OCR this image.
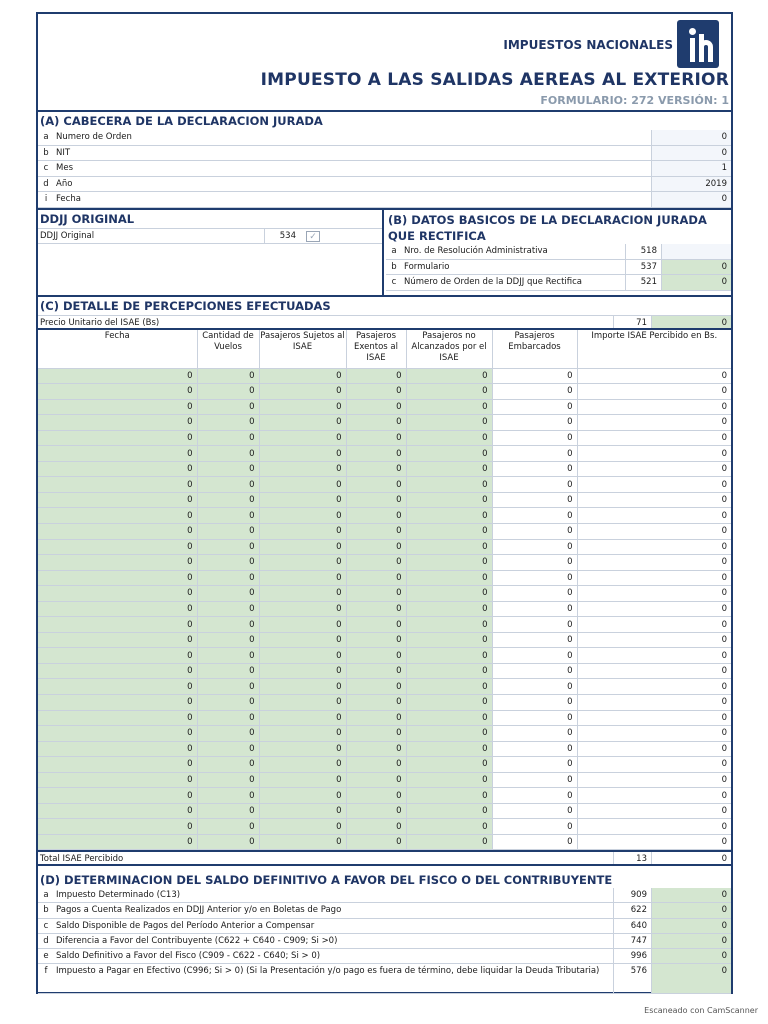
IMPUESTOS NACIONALES
IMPUESTO A LAS SALIDAS AEREAS AL EXTERIOR
FORMULARIO: 272 VERSIÓN: 1
(A) CABECERA DE LA DECLARACION JURADA
a Numero de Orden	0
b NIT	0
c Mes	1
d Año	2019
i	Fecha	0
DDJJ ORIGINAL
DDJJ Original	534	✓
(B) DATOS BASICOS DE LA DECLARACION JURADA QUE RECTIFICA
a Nro. de Resolución Administrativa	518
b Formulario	537	0
c Número de Orden de la DDJJ que Rectifica	521	0
(C) DETALLE DE PERCEPCIONES EFECTUADAS
Precio Unitario del ISAE (Bs)	71	0
Fecha	Cantidad de Vuelos	Pasajeros Sujetos al ISAE	Pasajeros Exentos al ISAE	Pasajeros no Alcanzados por el ISAE	Pasajeros Embarcados	Importe ISAE Percibido en Bs.
0	0	0	0	0	0	0
0	0	0	0	0	0	0
0	0	0	0	0	0	0
0	0	0	0	0	0	0
0	0	0	0	0	0	0
0	0	0	0	0	0	0
0	0	0	0	0	0	0
0	0	0	0	0	0	0
0	0	0	0	0	0	0
0	0	0	0	0	0	0
0	0	0	0	0	0	0
0	0	0	0	0	0	0
0	0	0	0	0	0	0
0	0	0	0	0	0	0
0	0	0	0	0	0	0
0	0	0	0	0	0	0
0	0	0	0	0	0	0
0	0	0	0	0	0	0
0	0	0	0	0	0	0
0	0	0	0	0	0	0
0	0	0	0	0	0	0
0	0	0	0	0	0	0
0	0	0	0	0	0	0
0	0	0	0	0	0	0
0	0	0	0	0	0	0
0	0	0	0	0	0	0
0	0	0	0	0	0	0
0	0	0	0	0	0	0
0	0	0	0	0	0	0
0	0	0	0	0	0	0
0	0	0	0	0	0	0
Total ISAE Percibido	13	0
(D) DETERMINACION DEL SALDO DEFINITIVO A FAVOR DEL FISCO O DEL CONTRIBUYENTE
a Impuesto Determinado (C13)	909	0
b Pagos a Cuenta Realizados en DDJJ Anterior y/o en Boletas de Pago	622	0
c Saldo Disponible de Pagos del Período Anterior a Compensar	640	0
d Diferencia a Favor del Contribuyente (C622 + C640 - C909; Si >0)	747	0
e Saldo Definitivo a Favor del Fisco (C909 - C622 - C640; Si > 0)	996	0
f	Impuesto a Pagar en Efectivo (C996; Si > 0) (Si la Presentación y/o pago es fuera de término, debe liquidar la Deuda Tributaria)	576	0
Escaneado con CamScanner
